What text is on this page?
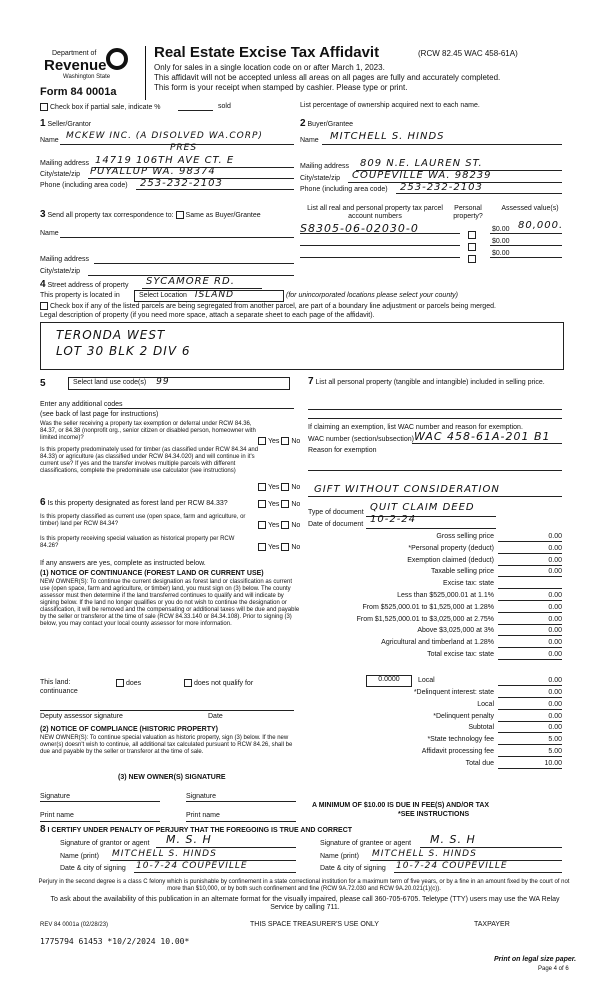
Department of
Revenue
Washington State
Form 84 0001a
Real Estate Excise Tax Affidavit	(RCW 82.45 WAC 458-61A)
Only for sales in a single location code on or after March 1, 2023.
This affidavit will not be accepted unless all areas on all pages are fully and accurately completed.
This form is your receipt when stamped by cashier. Please type or print.
Check box if partial sale, indicate %	sold	List percentage of ownership acquired next to each name.
1 Seller/Grantor
Name MCKEW INC. (A DISOLVED WA.CORP)
PRES
Mailing address 14719 106TH AVE CT. E
City/state/zip PUYALLUP WA. 98374
Phone (including area code) 253-232-2103
2 Buyer/Grantee
Name MITCHELL S. HINDS
Mailing address 809 N.E. LAUREN ST.
City/state/zip COUPEVILLE WA. 98239
Phone (including area code) 253-232-2103
3 Send all property tax correspondence to: Same as Buyer/Grantee
Name
Mailing address
City/state/zip
List all real and personal property tax parcel account numbers
Personal property?
Assessed value(s)
S8305-06-02030-0	$0.00 80,000.
$0.00
$0.00
4 Street address of property SYCAMORE RD.
This property is located in	Select Location ISLAND	(for unincorporated locations please select your county)
Check box if any of the listed parcels are being segregated from another parcel, are part of a boundary line adjustment or parcels being merged.
Legal description of property (if you need more space, attach a separate sheet to each page of the affidavit).
TERONDA WEST
LOT 30 BLK 2 DIV 6
5	Select land use code(s) 99
Enter any additional codes
(see back of last page for instructions)
Was the seller receiving a property tax exemption or deferral under RCW 84.36, 84.37, or 84.38 (nonprofit org., senior citizen or disabled person, homeowner with limited income)?	Yes No
Is this property predominately used for timber (as classified under RCW 84.34 and 84.33) or agriculture (as classified under RCW 84.34.020) and will continue in it's current use? If yes and the transfer involves multiple parcels with different classifications, complete the predominate use calculator (see instructions)
Yes No
7 List all personal property (tangible and intangible) included in selling price.
If claiming an exemption, list WAC number and reason for exemption.
WAC number (section/subsection) WAC 458-61A-201 B1
Reason for exemption
GIFT WITHOUT CONSIDERATION
Type of document QUIT CLAIM DEED
Date of document 10-2-24
6 Is this property designated as forest land per RCW 84.33?	Yes No
Is this property classified as current use (open space, farm and agriculture, or timber) land per RCW 84.34?	Yes No
Is this property receiving special valuation as historical property per RCW 84.26?	Yes No
If any answers are yes, complete as instructed below.
(1) NOTICE OF CONTINUANCE (FOREST LAND OR CURRENT USE)
NEW OWNER(S): To continue the current designation as forest land or classification as current use (open space, farm and agriculture, or timber) land, you must sign on (3) below. The county assessor must then determine if the land transferred continues to qualify and will indicate by signing below. If the land no longer qualifies or you do not wish to continue the designation or classification, it will be removed and the compensating or additional taxes will be due and payable by the seller or transferor at the time of sale (RCW 84.33.140 or 84.34.108). Prior to signing (3) below, you may contact your local county assessor for more information.
This land:	does	does not qualify for
continuance
Deputy assessor signature	Date
(2) NOTICE OF COMPLIANCE (HISTORIC PROPERTY)
NEW OWNER(S): To continue special valuation as historic property, sign (3) below. If the new owner(s) doesn't wish to continue, all additional tax calculated pursuant to RCW 84.26, shall be due and payable by the seller or transferor at the time of sale.
(3) NEW OWNER(S) SIGNATURE
Signature	Signature
Print name	Print name
Gross selling price	0.00
*Personal property (deduct)	0.00
Exemption claimed (deduct)	0.00
Taxable selling price	0.00
Excise tax: state
Less than $525,000.01 at 1.1%	0.00
From $525,000.01 to $1,525,000 at 1.28%	0.00
From $1,525,000.01 to $3,025,000 at 2.75%	0.00
Above $3,025,000 at 3%	0.00
Agricultural and timberland at 1.28%	0.00
Total excise tax: state	0.00
*Delinquent interest: state	0.00
Local	0.00
*Delinquent penalty	0.00
Subtotal	0.00
*State technology fee	5.00
Affidavit processing fee	5.00
Total due	10.00
0.0000	Local	0.00
A MINIMUM OF $10.00 IS DUE IN FEE(S) AND/OR TAX
*SEE INSTRUCTIONS
8 I CERTIFY UNDER PENALTY OF PERJURY THAT THE FOREGOING IS TRUE AND CORRECT
Signature of grantor or agent M. S. H
Name (print) MITCHELL S. HINDS
Date & city of signing 10-7-24 COUPEVILLE
Signature of grantee or agent M. S. H
Name (print) MITCHELL S. HINDS
Date & city of signing 10-7-24 COUPEVILLE
Perjury in the second degree is a class C felony which is punishable by confinement in a state correctional institution for a maximum term of five years, or by a fine in an amount fixed by the court of not more than $10,000, or by both such confinement and fine (RCW 9A.72.030 and RCW 9A.20.021(1)(c)).
To ask about the availability of this publication in an alternate format for the visually impaired, please call 360-705-6705. Teletype (TTY) users may use the WA Relay Service by calling 711.
REV 84 0001a (02/28/23)	THIS SPACE TREASURER'S USE ONLY	TAXPAYER
1775794 61453 *10/2/2024 10.00*
Print on legal size paper.
Page 4 of 6
